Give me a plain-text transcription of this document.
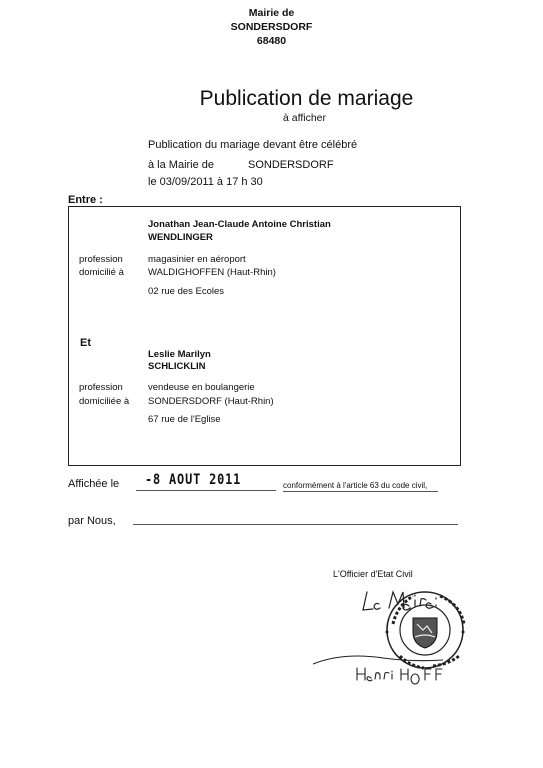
Mairie de
SONDERSDORF
68480
Publication de mariage
à afficher
Publication du mariage devant être célébré
à la Mairie de	SONDERSDORF
le 03/09/2011 à 17 h 30
Entre :
Jonathan Jean-Claude Antoine Christian
WENDLINGER
profession	magasinier en aéroport
domicilié à	WALDIGHOFFEN (Haut-Rhin)
02 rue des Ecoles
Et
Leslie Marilyn
SCHLICKLIN
profession	vendeuse en boulangerie
domiciliée à SONDERSDORF (Haut-Rhin)
67 rue de l'Eglise
Affichée le -8 AOUT 2011	conformément à l'article 63 du code civil,
par Nous,
L'Officier d'Etat Civil
